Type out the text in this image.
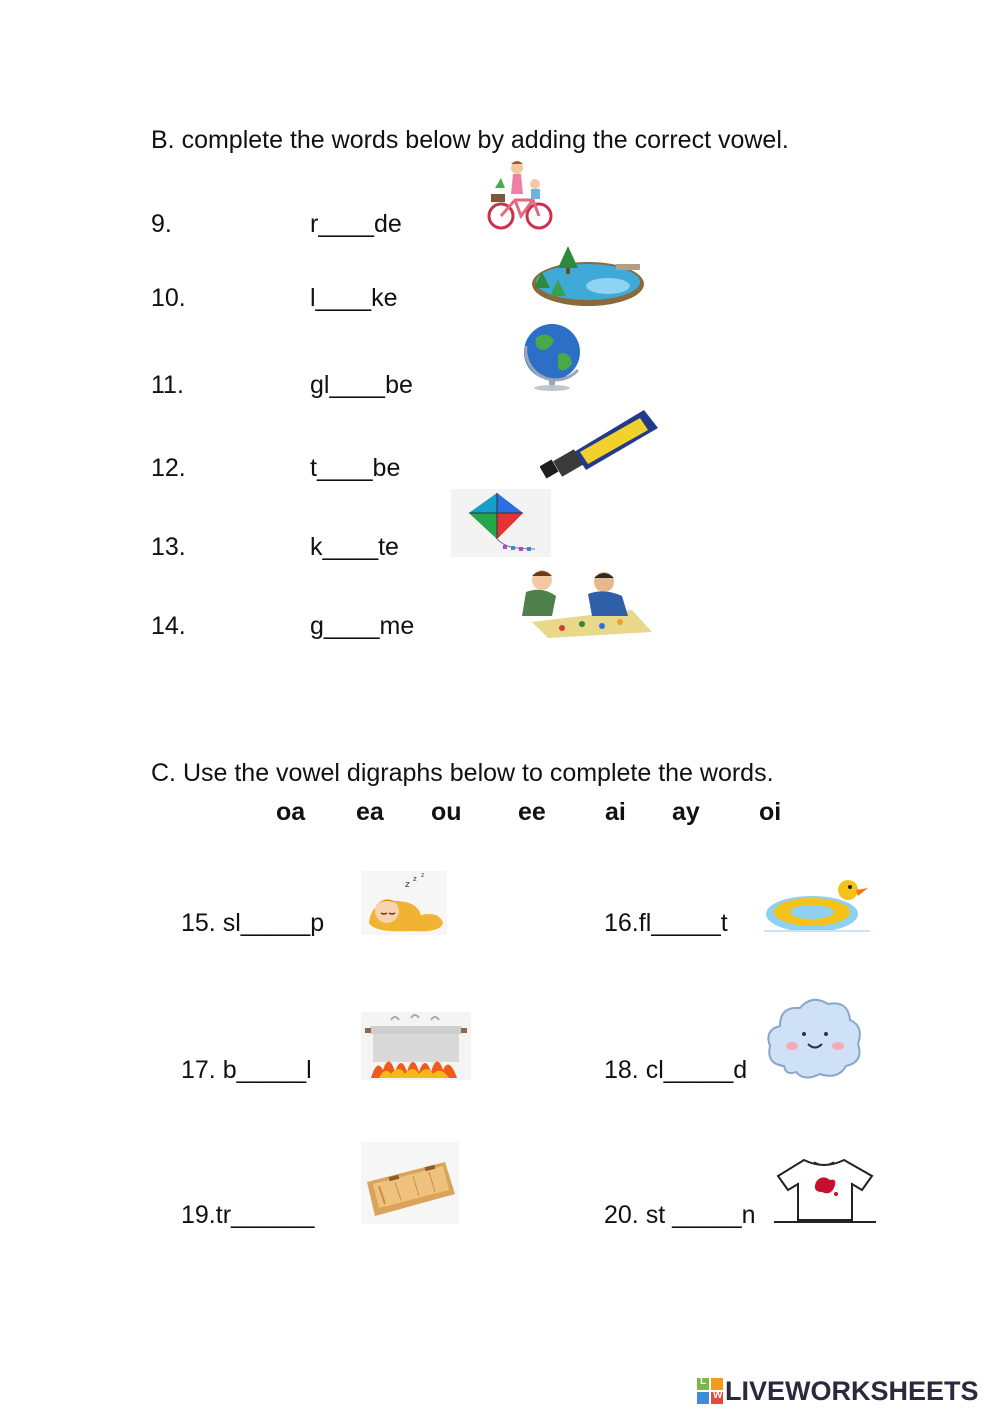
B. complete the words below by adding the correct vowel.
9.	r____de
10.	l____ke
11.	gl____be
12.	t____be
13.	k____te
14.	g____me
C. Use the vowel digraphs below to complete the words.
oa ea ou ee ai ay oi
15. sl_____p
z
z z
16.fl_____t
17. b_____l	18. cl_____d
19.tr______	20. st _____n
L
W LIVEWORKSHEETS
